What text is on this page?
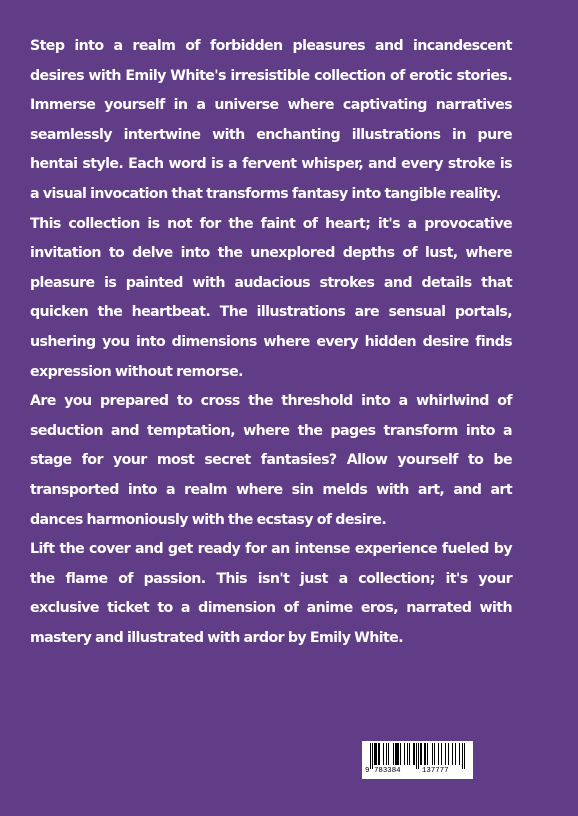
Step into a realm of forbidden pleasures and incandescent desires with Emily White's irresistible collection of erotic stories. Immerse yourself in a universe where captivating narratives seamlessly intertwine with enchanting illustrations in pure hentai style. Each word is a fervent whisper, and every stroke is a visual invocation that transforms fantasy into tangible reality.

This collection is not for the faint of heart; it's a provocative invitation to delve into the unexplored depths of lust, where pleasure is painted with audacious strokes and details that quicken the heartbeat. The illustrations are sensual portals, ushering you into dimensions where every hidden desire finds expression without remorse.

Are you prepared to cross the threshold into a whirlwind of seduction and temptation, where the pages transform into a stage for your most secret fantasies? Allow yourself to be transported into a realm where sin melds with art, and art dances harmoniously with the ecstasy of desire.

Lift the cover and get ready for an intense experience fueled by the flame of passion. This isn't just a collection; it's your exclusive ticket to a dimension of anime eros, narrated with mastery and illustrated with ardor by Emily White.

9 783384	137777
